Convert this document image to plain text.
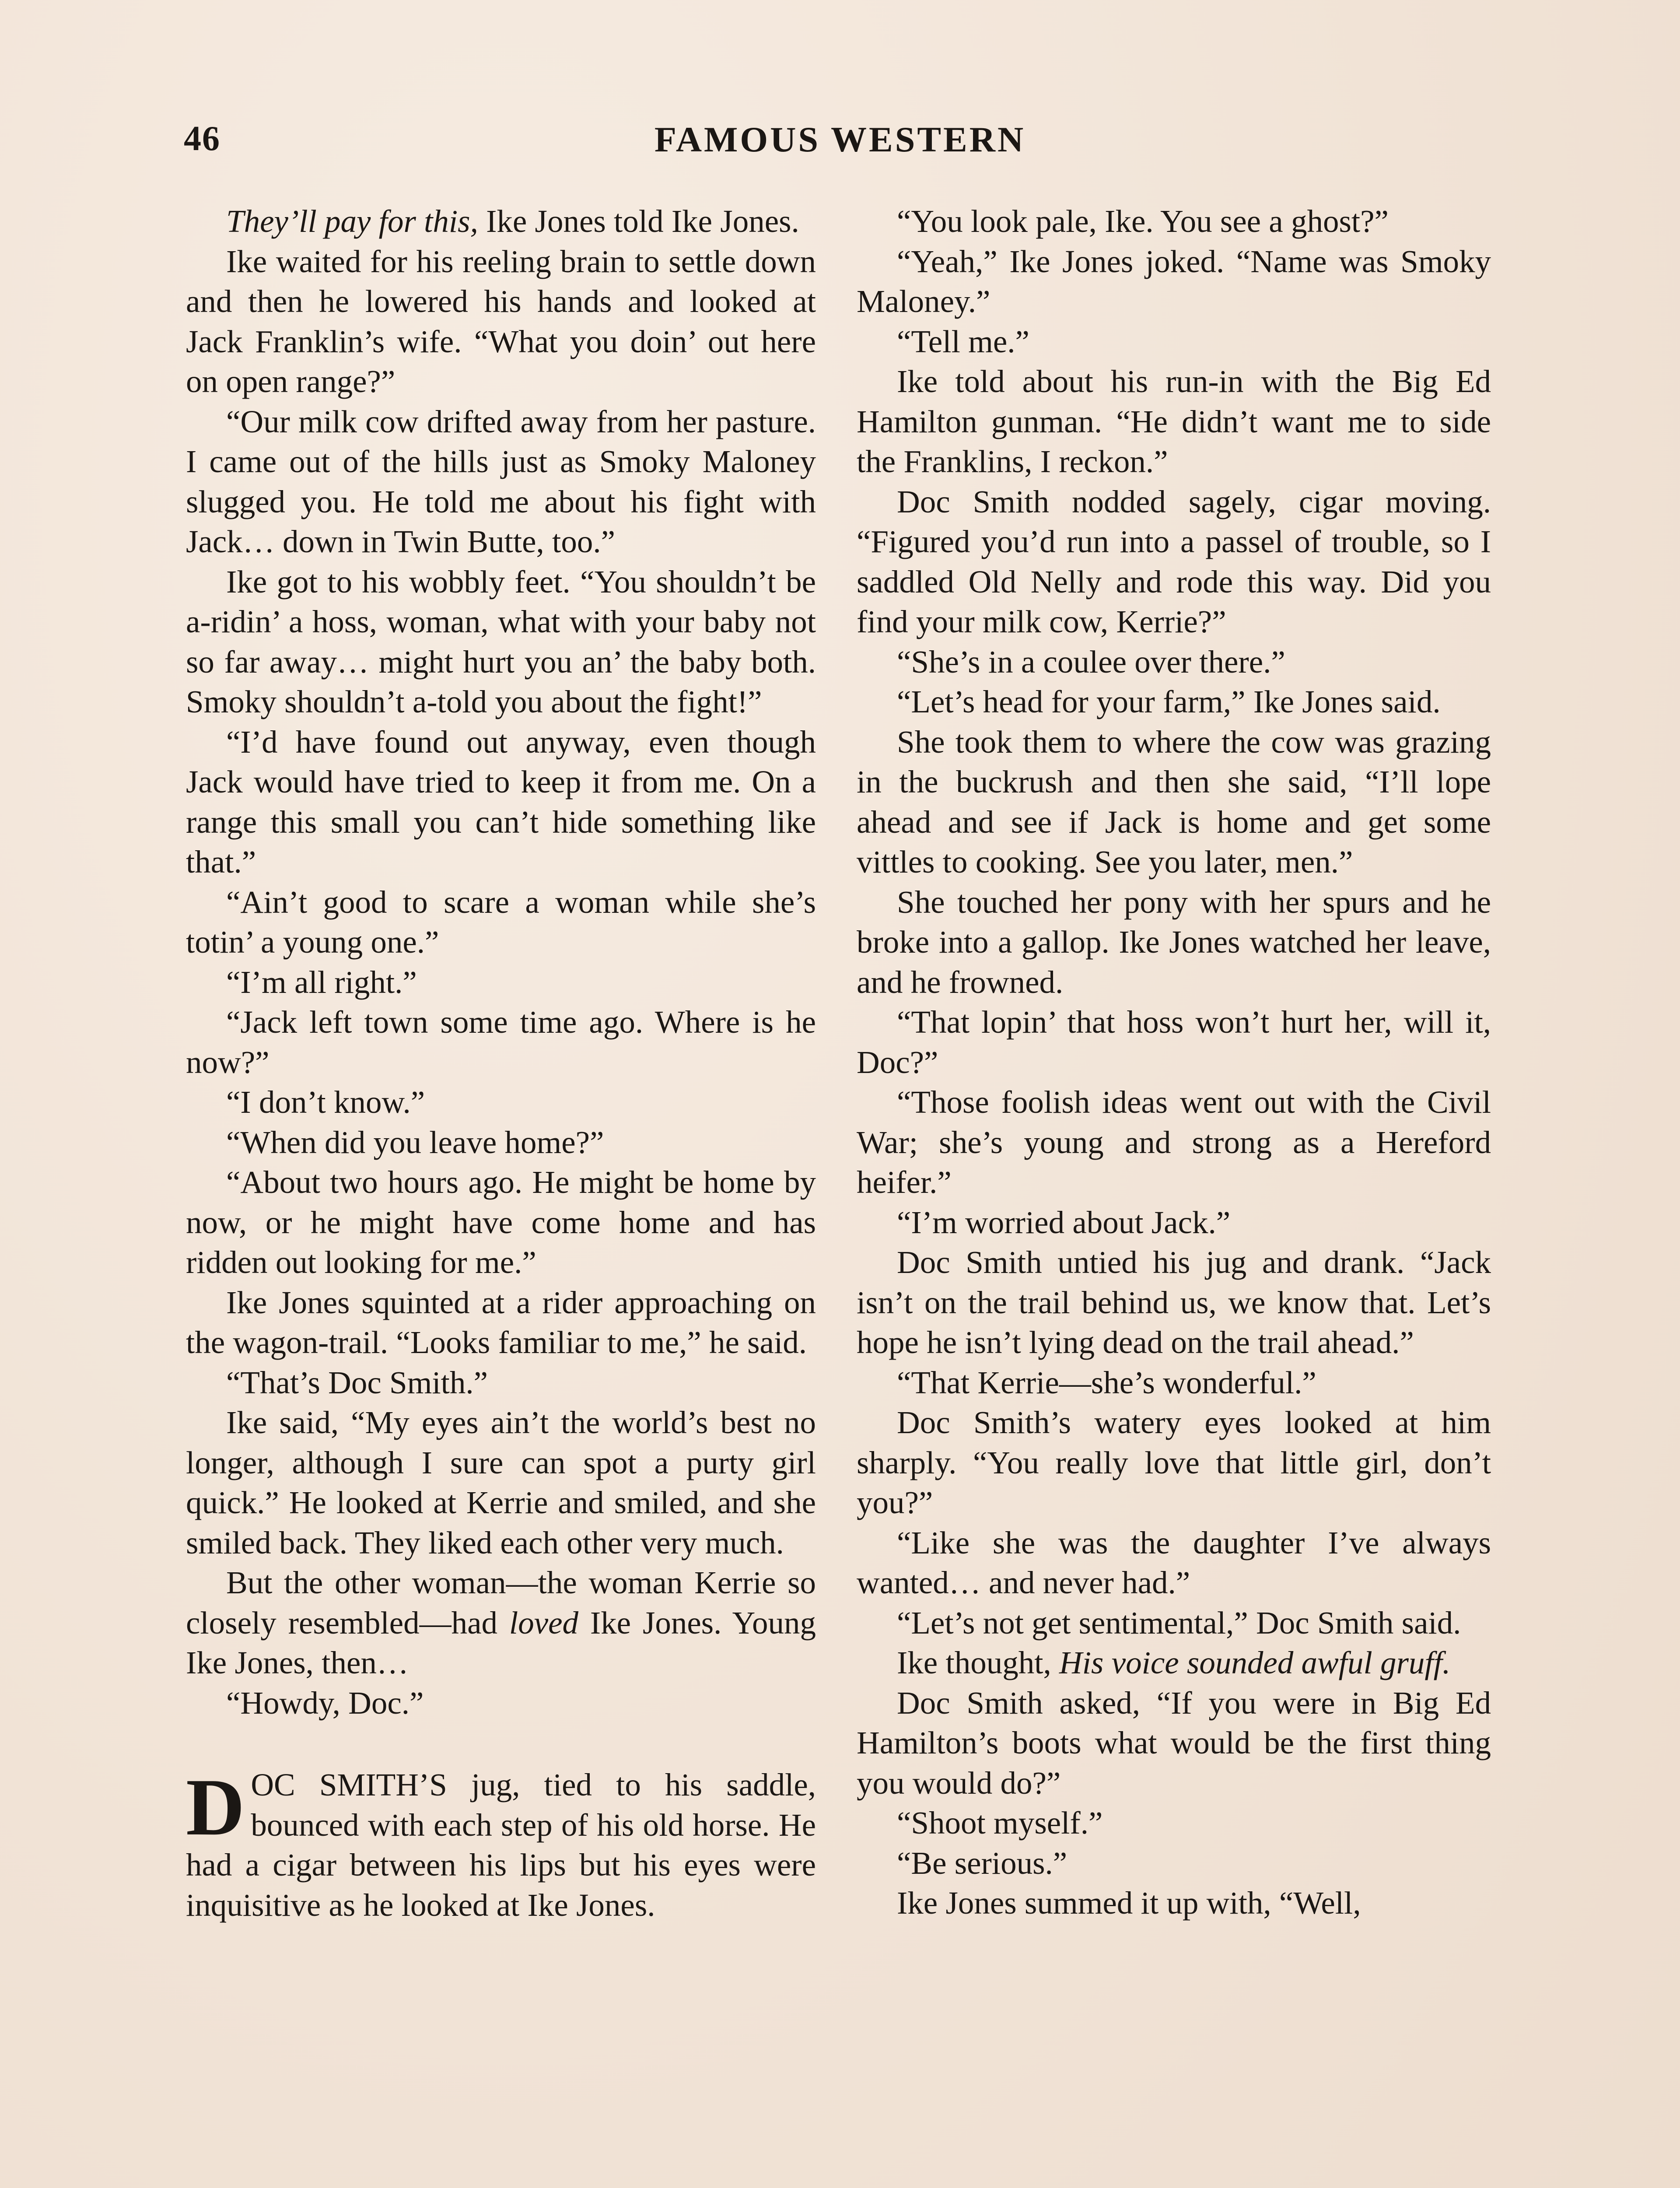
46	FAMOUS WESTERN

They’ll pay for this, Ike Jones told Ike Jones.

Ike waited for his reeling brain to settle down and then he lowered his hands and looked at Jack Franklin’s wife. “What you doin’ out here on open range?”

“Our milk cow drifted away from her pasture. I came out of the hills just as Smoky Maloney slugged you. He told me about his fight with Jack… down in Twin Butte, too.”

Ike got to his wobbly feet. “You shouldn’t be a-ridin’ a hoss, woman, what with your baby not so far away… might hurt you an’ the baby both. Smoky shouldn’t a-told you about the fight!”

“I’d have found out anyway, even though Jack would have tried to keep it from me. On a range this small you can’t hide something like that.”

“Ain’t good to scare a woman while she’s totin’ a young one.”

“I’m all right.”

“Jack left town some time ago. Where is he now?”

“I don’t know.”

“When did you leave home?”

“About two hours ago. He might be home by now, or he might have come home and has ridden out looking for me.”

Ike Jones squinted at a rider approaching on the wagon-trail. “Looks familiar to me,” he said.

“That’s Doc Smith.”

Ike said, “My eyes ain’t the world’s best no longer, although I sure can spot a purty girl quick.” He looked at Kerrie and smiled, and she smiled back. They liked each other very much.

But the other woman—the woman Kerrie so closely resembled—had loved Ike Jones. Young Ike Jones, then…

“Howdy, Doc.”

DOC SMITH’S jug, tied to his saddle, bounced with each step of his old horse. He had a cigar between his lips but his eyes were inquisitive as he looked at Ike Jones.

“You look pale, Ike. You see a ghost?”

“Yeah,” Ike Jones joked. “Name was Smoky Maloney.”

“Tell me.”

Ike told about his run-in with the Big Ed Hamilton gunman. “He didn’t want me to side the Franklins, I reckon.”

Doc Smith nodded sagely, cigar moving. “Figured you’d run into a passel of trouble, so I saddled Old Nelly and rode this way. Did you find your milk cow, Kerrie?”

“She’s in a coulee over there.”

“Let’s head for your farm,” Ike Jones said.

She took them to where the cow was grazing in the buckrush and then she said, “I’ll lope ahead and see if Jack is home and get some vittles to cooking. See you later, men.”

She touched her pony with her spurs and he broke into a gallop. Ike Jones watched her leave, and he frowned.

“That lopin’ that hoss won’t hurt her, will it, Doc?”

“Those foolish ideas went out with the Civil War; she’s young and strong as a Hereford heifer.”

“I’m worried about Jack.”

Doc Smith untied his jug and drank. “Jack isn’t on the trail behind us, we know that. Let’s hope he isn’t lying dead on the trail ahead.”

“That Kerrie—she’s wonderful.”

Doc Smith’s watery eyes looked at him sharply. “You really love that little girl, don’t you?”

“Like she was the daughter I’ve always wanted… and never had.”

“Let’s not get sentimental,” Doc Smith said.

Ike thought, His voice sounded awful gruff.

Doc Smith asked, “If you were in Big Ed Hamilton’s boots what would be the first thing you would do?”

“Shoot myself.”

“Be serious.”

Ike Jones summed it up with, “Well,
